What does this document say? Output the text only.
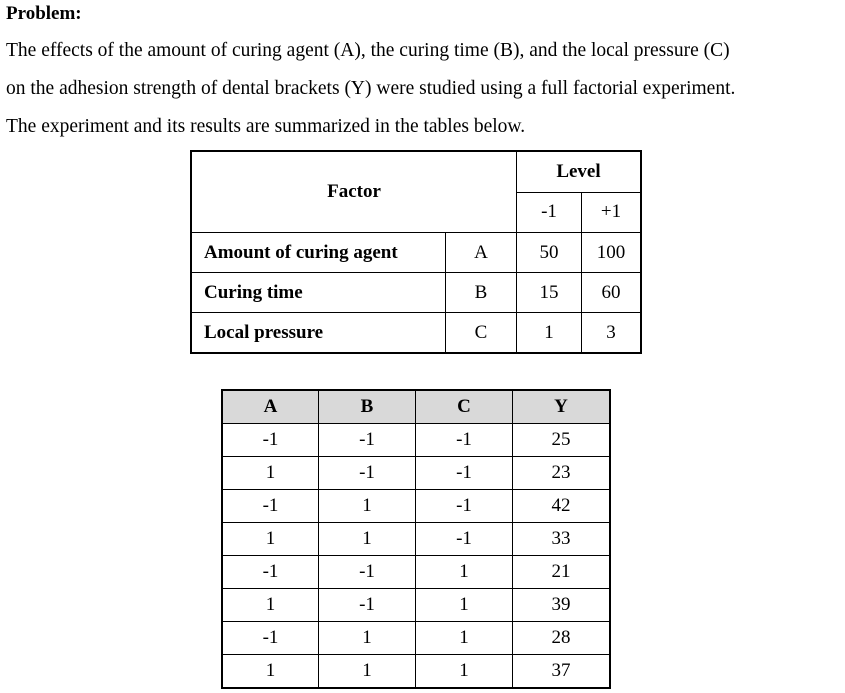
Problem:
The effects of the amount of curing agent (A), the curing time (B), and the local pressure (C)
on the adhesion strength of dental brackets (Y) were studied using a full factorial experiment.
The experiment and its results are summarized in the tables below.
Factor		Level	
		-1	+1
Amount of curing agent	A	50	100
Curing time	B	15	60
Local pressure	C	1	3
A	B	C	Y
-1	-1	-1	25
1	-1	-1	23
-1	1	-1	42
1	1	-1	33
-1	-1	1	21
1	-1	1	39
-1	1	1	28
1	1	1	37
